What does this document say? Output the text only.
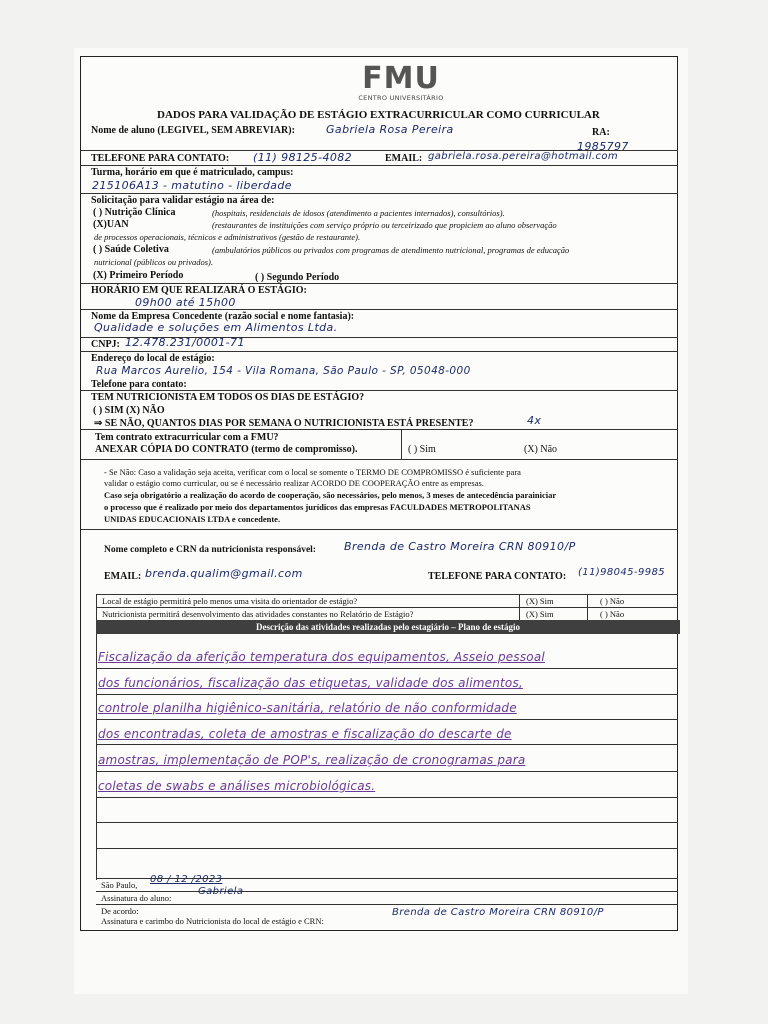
FMU
CENTRO UNIVERSITÁRIO
DADOS PARA VALIDAÇÃO DE ESTÁGIO EXTRACURRICULAR COMO CURRICULAR
Nome de aluno (LEGIVEL, SEM ABREVIAR):	Gabriela Rosa Pereira	RA:
1985797
TELEFONE PARA CONTATO: (11) 98125-4082	EMAIL: gabriela.rosa.pereira@hotmail.com
Turma, horário em que é matriculado, campus:
215106A13 - matutino - liberdade
Solicitação para validar estágio na área de:
( ) Nutrição Clínica	(hospitais, residenciais de idosos (atendimento a pacientes internados), consultórios).
(X)UAN	(restaurantes de instituições com serviço próprio ou terceirizado que propiciem ao aluno observação
de processos operacionais, técnicos e administrativos (gestão de restaurante).
( ) Saúde Coletiva	(ambulatórios públicos ou privados com programas de atendimento nutricional, programas de educação
nutricional (públicos ou privados).
(X) Primeiro Período	( ) Segundo Período
HORÁRIO EM QUE REALIZARÁ O ESTÁGIO:
09h00 até 15h00
Nome da Empresa Concedente (razão social e nome fantasia):
Qualidade e soluções em Alimentos Ltda.
CNPJ: 12.478.231/0001-71
Endereço do local de estágio:
Rua Marcos Aurelio, 154 - Vila Romana, São Paulo - SP, 05048-000
Telefone para contato:
TEM NUTRICIONISTA EM TODOS OS DIAS DE ESTÁGIO?
( ) SIM (X) NÃO
⇒ SE NÃO, QUANTOS DIAS POR SEMANA O NUTRICIONISTA ESTÁ PRESENTE?	4x
Tem contrato extracurricular com a FMU?
ANEXAR CÓPIA DO CONTRATO (termo de compromisso).	( ) Sim	(X) Não
- Se Não: Caso a validação seja aceita, verificar com o local se somente o TERMO DE COMPROMISSO é suficiente para
validar o estágio como curricular, ou se é necessário realizar ACORDO DE COOPERAÇÃO entre as empresas.
Caso seja obrigatório a realização do acordo de cooperação, são necessários, pelo menos, 3 meses de antecedência parainiciar
o processo que é realizado por meio dos departamentos jurídicos das empresas FACULDADES METROPOLITANAS
UNIDAS EDUCACIONAIS LTDA e concedente.
Nome completo e CRN da nutricionista responsável:	Brenda de Castro Moreira CRN 80910/P
EMAIL: brenda.qualim@gmail.com	TELEFONE PARA CONTATO: (11)98045-9985
Local de estágio permitirá pelo menos uma visita do orientador de estágio?	(X) Sim	( ) Não
Nutricionista permitirá desenvolvimento das atividades constantes no Relatório de Estágio?	(X) Sim	( ) Não
Descrição das atividades realizadas pelo estagiário – Plano de estágio
Fiscalização da aferição temperatura dos equipamentos, Asseio pessoal
dos funcionários, fiscalização das etiquetas, validade dos alimentos,
controle planilha higiênico-sanitária, relatório de não conformidade
dos encontradas, coleta de amostras e fiscalização do descarte de
amostras, implementação de POP's, realização de cronogramas para
coletas de swabs e análises microbiológicas.
São Paulo, 08 / 12 /2023
Assinatura do aluno:
Gabriela
De acordo:
Assinatura e carimbo do Nutricionista do local de estágio e CRN:
Brenda de Castro Moreira CRN 80910/P
